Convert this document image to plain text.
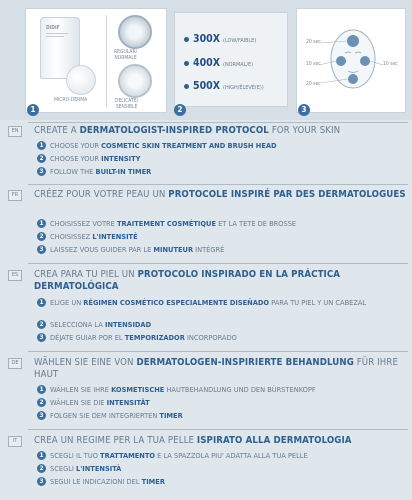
DiDiF
MICRO-DERMA
REGULAR/
NORMALE
DELICATE/
SENSIBLE
1
300X (LOW/FAIBLE)
400X (NORMAL/E)
500X (HIGH/ÉLEVÉ(E))
2
20 sec
10 sec	10 sec
20 sec
3
EN	CREATE A DERMATOLOGIST-INSPIRED PROTOCOL FOR YOUR SKIN
1 CHOOSE YOUR COSMETIC SKIN TREATMENT AND BRUSH HEAD
2 CHOOSE YOUR INTENSITY
3 FOLLOW THE BUILT-IN TIMER
FR	CRÉEZ POUR VOTRE PEAU UN PROTOCOLE INSPIRÉ PAR DES DERMATOLOGUES
1 CHOISISSEZ VOTRE TRAITEMENT COSMÉTIQUE ET LA TETE DE BROSSE
2 CHOISISSEZ L'INTENSITÉ
3 LAISSEZ VOUS GUIDER PAR LE MINUTEUR INTÉGRÉ
ES	CREA PARA TU PIEL UN PROTOCOLO INSPIRADO EN LA PRÁCTICA DERMATOLÓGICA
1 ELIGE UN RÉGIMEN COSMÉTICO ESPECIALMENTE DISEÑADO PARA TU PIEL Y UN CABEZAL
2 SELECCIONA LA INTENSIDAD
3 DÉJATE GUIAR POR EL TEMPORIZADOR INCORPORADO
DE	WÄHLEN SIE EINE VON DERMATOLOGEN-INSPIRIERTE BEHANDLUNG FÜR IHRE HAUT
1 WÄHLEN SIE IHRE KOSMETISCHE HAUTBEHANDLUNG UND DEN BÜRSTENKOPF
2 WÄHLEN SIE DIE INTENSITÄT
3 FOLGEN SIE DEM INTEGRIERTEN TIMER
IT	CREA UN REGIME PER LA TUA PELLE ISPIRATO ALLA DERMATOLOGIA
1 SCEGLI IL TUO TRATTAMENTO E LA SPAZZOLA PIU' ADATTA ALLA TUA PELLE
2 SCEGLI L'INTENSITÀ
3 SEGUI LE INDICAZIONI DEL TIMER
